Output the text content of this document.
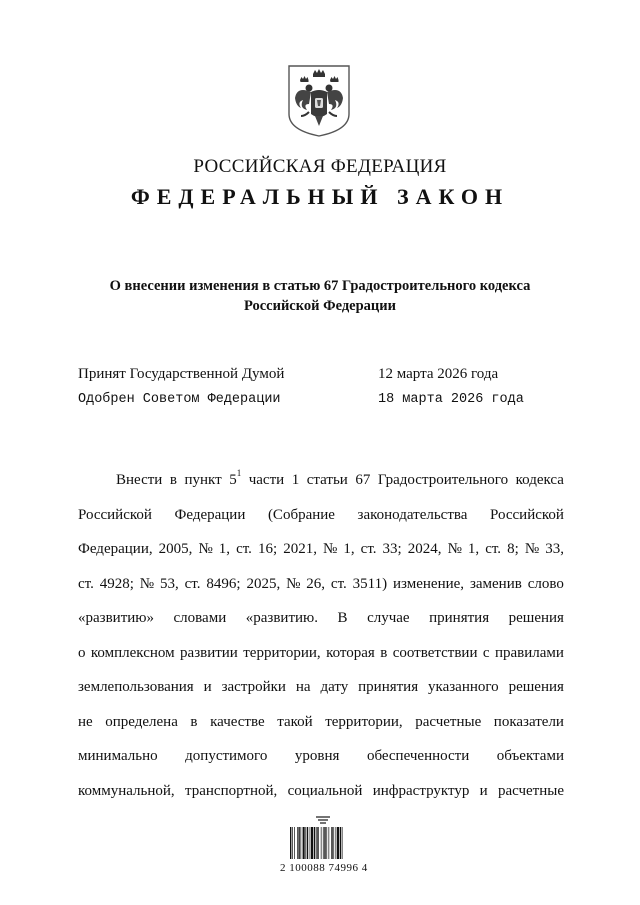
РОССИЙСКАЯ ФЕДЕРАЦИЯ
ФЕДЕРАЛЬНЫЙ ЗАКОН
О внесении изменения в статью 67 Градостроительного кодекса
Российской Федерации
Принят Государственной Думой	12 марта 2026 года
Одобрен Советом Федерации	18 марта 2026 года
Внести в пункт $5^1$ части 1 статьи 67 Градостроительного кодекса
Российской Федерации (Собрание законодательства Российской
Федерации, 2005, № 1, ст. 16; 2021, № 1, ст. 33; 2024, № 1, ст. 8; № 33,
ст. 4928; № 53, ст. 8496; 2025, № 26, ст. 3511) изменение, заменив слово
«развитию» словами «развитию. В случае принятия решения
о комплексном развитии территории, которая в соответствии с правилами
землепользования и застройки на дату принятия указанного решения
не определена в качестве такой территории, расчетные показатели
минимально допустимого уровня обеспеченности объектами
коммунальной, транспортной, социальной инфраструктур и расчетные
2 100088 74996 4
